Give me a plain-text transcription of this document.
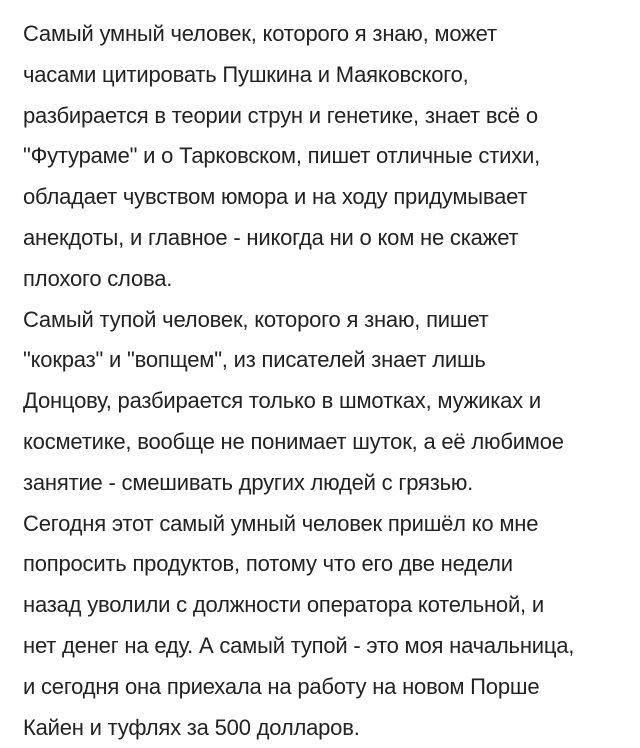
Самый умный человек, которого я знаю, может
часами цитировать Пушкина и Маяковского,
разбирается в теории струн и генетике, знает всё о
"Футураме" и о Тарковском, пишет отличные стихи,
обладает чувством юмора и на ходу придумывает
анекдоты, и главное - никогда ни о ком не скажет
плохого слова.

Самый тупой человек, которого я знаю, пишет
"кокраз" и "вопщем", из писателей знает лишь
Донцову, разбирается только в шмотках, мужиках и
косметике, вообще не понимает шуток, а её любимое
занятие - смешивать других людей с грязью.

Сегодня этот самый умный человек пришёл ко мне
попросить продуктов, потому что его две недели
назад уволили с должности оператора котельной, и
нет денег на еду. А самый тупой - это моя начальница,
и сегодня она приехала на работу на новом Порше
Кайен и туфлях за 500 долларов.
